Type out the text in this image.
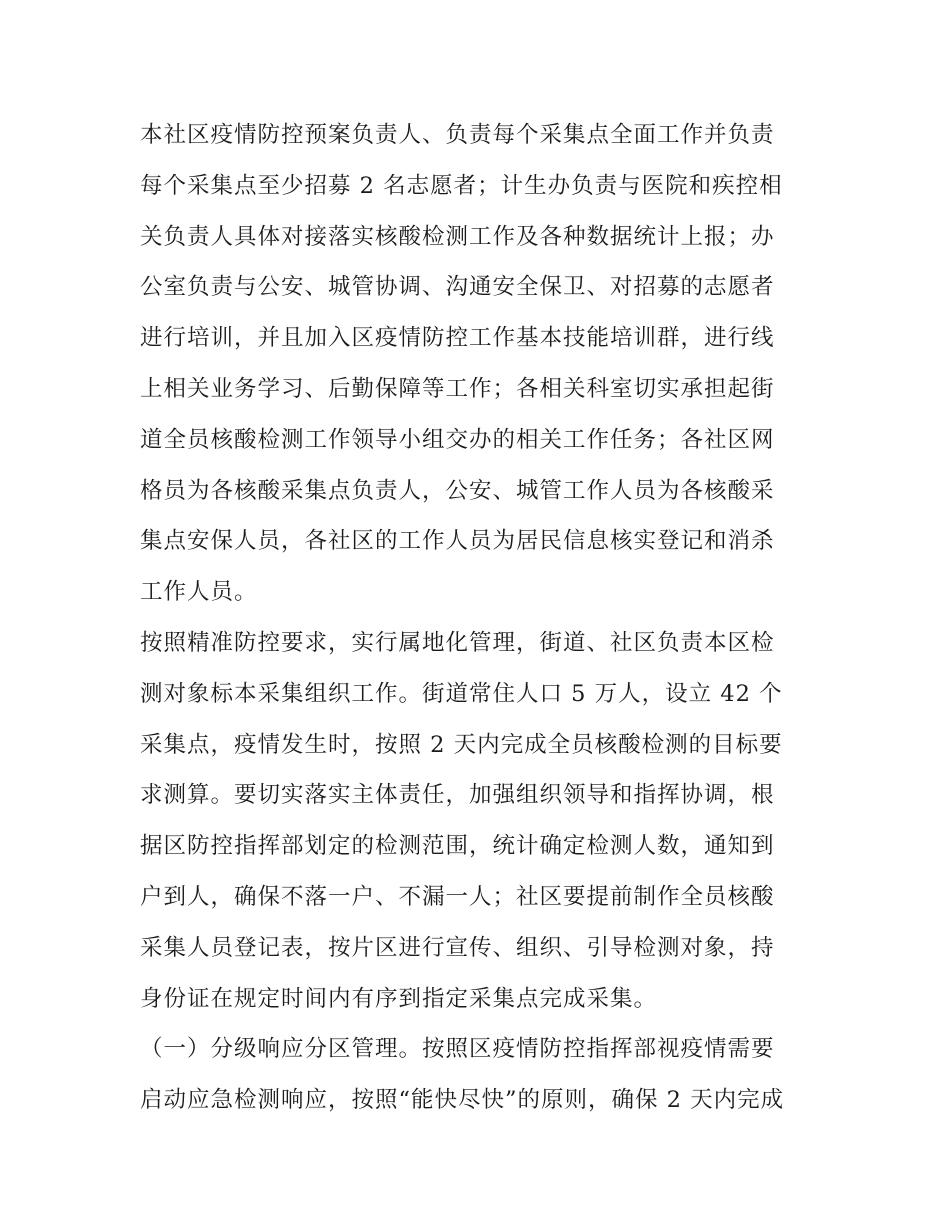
本社区疫情防控预案负责人、负责每个采集点全面工作并负责
每个采集点至少招募 2 名志愿者；计生办负责与医院和疾控相
关负责人具体对接落实核酸检测工作及各种数据统计上报；办
公室负责与公安、城管协调、沟通安全保卫、对招募的志愿者
进行培训，并且加入区疫情防控工作基本技能培训群，进行线
上相关业务学习、后勤保障等工作；各相关科室切实承担起街
道全员核酸检测工作领导小组交办的相关工作任务；各社区网
格员为各核酸采集点负责人，公安、城管工作人员为各核酸采
集点安保人员，各社区的工作人员为居民信息核实登记和消杀
工作人员。
按照精准防控要求，实行属地化管理，街道、社区负责本区检
测对象标本采集组织工作。街道常住人口 5 万人，设立 42 个
采集点，疫情发生时，按照 2 天内完成全员核酸检测的目标要
求测算。要切实落实主体责任，加强组织领导和指挥协调，根
据区防控指挥部划定的检测范围，统计确定检测人数，通知到
户到人，确保不落一户、不漏一人；社区要提前制作全员核酸
采集人员登记表，按片区进行宣传、组织、引导检测对象，持
身份证在规定时间内有序到指定采集点完成采集。
（一）分级响应分区管理。按照区疫情防控指挥部视疫情需要
启动应急检测响应，按照“能快尽快”的原则，确保 2 天内完成
